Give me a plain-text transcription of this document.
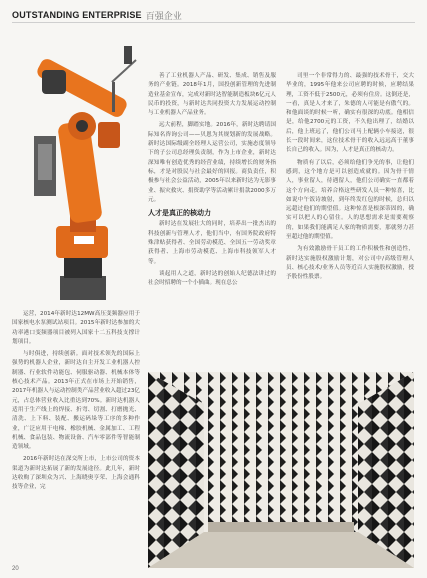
OUTSTANDING ENTERPRISE 百强企业

运营，2014年新时达12MW高压变频器应用于国家核电水泵测试站项目。2015年新时达参加的大功率港口变频器项目被列入国家十二五科技支撑计划项目。

与时俱进，持续创新。面对技术领先的国际上强势的机器人企业，新时达自主开发工业机器人控制器、行业软件功能包、伺服驱动器、机械本体等核心技术产品。2013年正式在市场上开始销售，2017年机器人与运动控制类产品营业收入超过23亿元，占总体营业收入比重达到70%。新时达机器人适用于生产线上的焊接、折弯、切割、打磨抛光、清洗、上下料、装配、搬运码垛等工序的多种作业，广泛应用于电梯、橡胶机械、金属加工、工程机械、食品包装、物流设备、汽车零部件等智能制造领域。

2016年新时达在深交所上市，上市公司的资本渠道为新时达拓展了新的发展途径。此几年，新时达收购了深圳众为兴、上海晓奥亨荣、上海会通科技等企业，完

善了工业机器人产品、研发、集成、销售及服务的产业链。2018年1月，国投创新管理的先进制造业基金宣布，完成对新时达智能制造板块6亿元人民币的投资，与新时达共同投资大力发展运动控制与工业机器人产品业务。

远大前程，脚踏实地。2016年，新时达聘请国际知名咨询公司——贝恩为其规划新的发展战略。新时达国际级副全经理人运营公司，实施态度领导下的子公司总经理负责制，作为上市企业，新时达深知唯有创造优秀的经营业绩，持续增长的财务指标，才是对股民与社会最好的回报。商负责任，积极参与社会公益活动，2005年以来新时达为无影事业、振灾救灾、捐资助学等活动累计捐款2000多万元。

人才是真正的核动力

新时达在发展壮大的同时，培养出一批杰出的科技创新与管理人才，他们当中，有国务院政府特殊津贴获得者、全国劳动模范、全国五一劳动奖章获得者、上海市劳动模范、上海市科技领军人才等。

谈起用人之道，新时达的创始人纪德法讲过的社会时招聘的一个小插曲。现在总公

司里一个非常得力的、最强的技术骨干，交大毕业的，1995年他来公司应聘的时候，应聘结果理，工资不低于2500元，必须有住房。这倒还是，一看，真是人才来了，朱德的人可能是有傲气的。和他面谈的时候一听，确实有很深的功底。他相信是，给他2700元的工资，不久他出理了，结婚以后，他上班远了，他们公司马上配辆小车接送，很长一段时间来，这位技术骨干的收入远远高于董事长自己的收入。因为，人才是真正的核动力。

物质有了以后，必须给他们争光的事，让他们感到，这个地方是可以创造成就的。因为骨干情人，事业留人，待遇留人，他们公司确实一直都着这个方向走。培养合格这些研发人员一种惊喜，比如说中午饭诗坡射，到年终发红包的时候，总归以远超过他们的期望值。这种惊喜是根深蒂固的，确实可以把人的心留住。人的思想需求是需要观察的，如果我们能满足人家的物质需要，那就努力甚至超过他的期望值。

为有效激励骨干员工的工作积极性和创造性，新时达实施股权激励计划，对公司中/高级管理人员、核心技术/业务人员等近百人实施股权激励，授予股份性股票。

20
